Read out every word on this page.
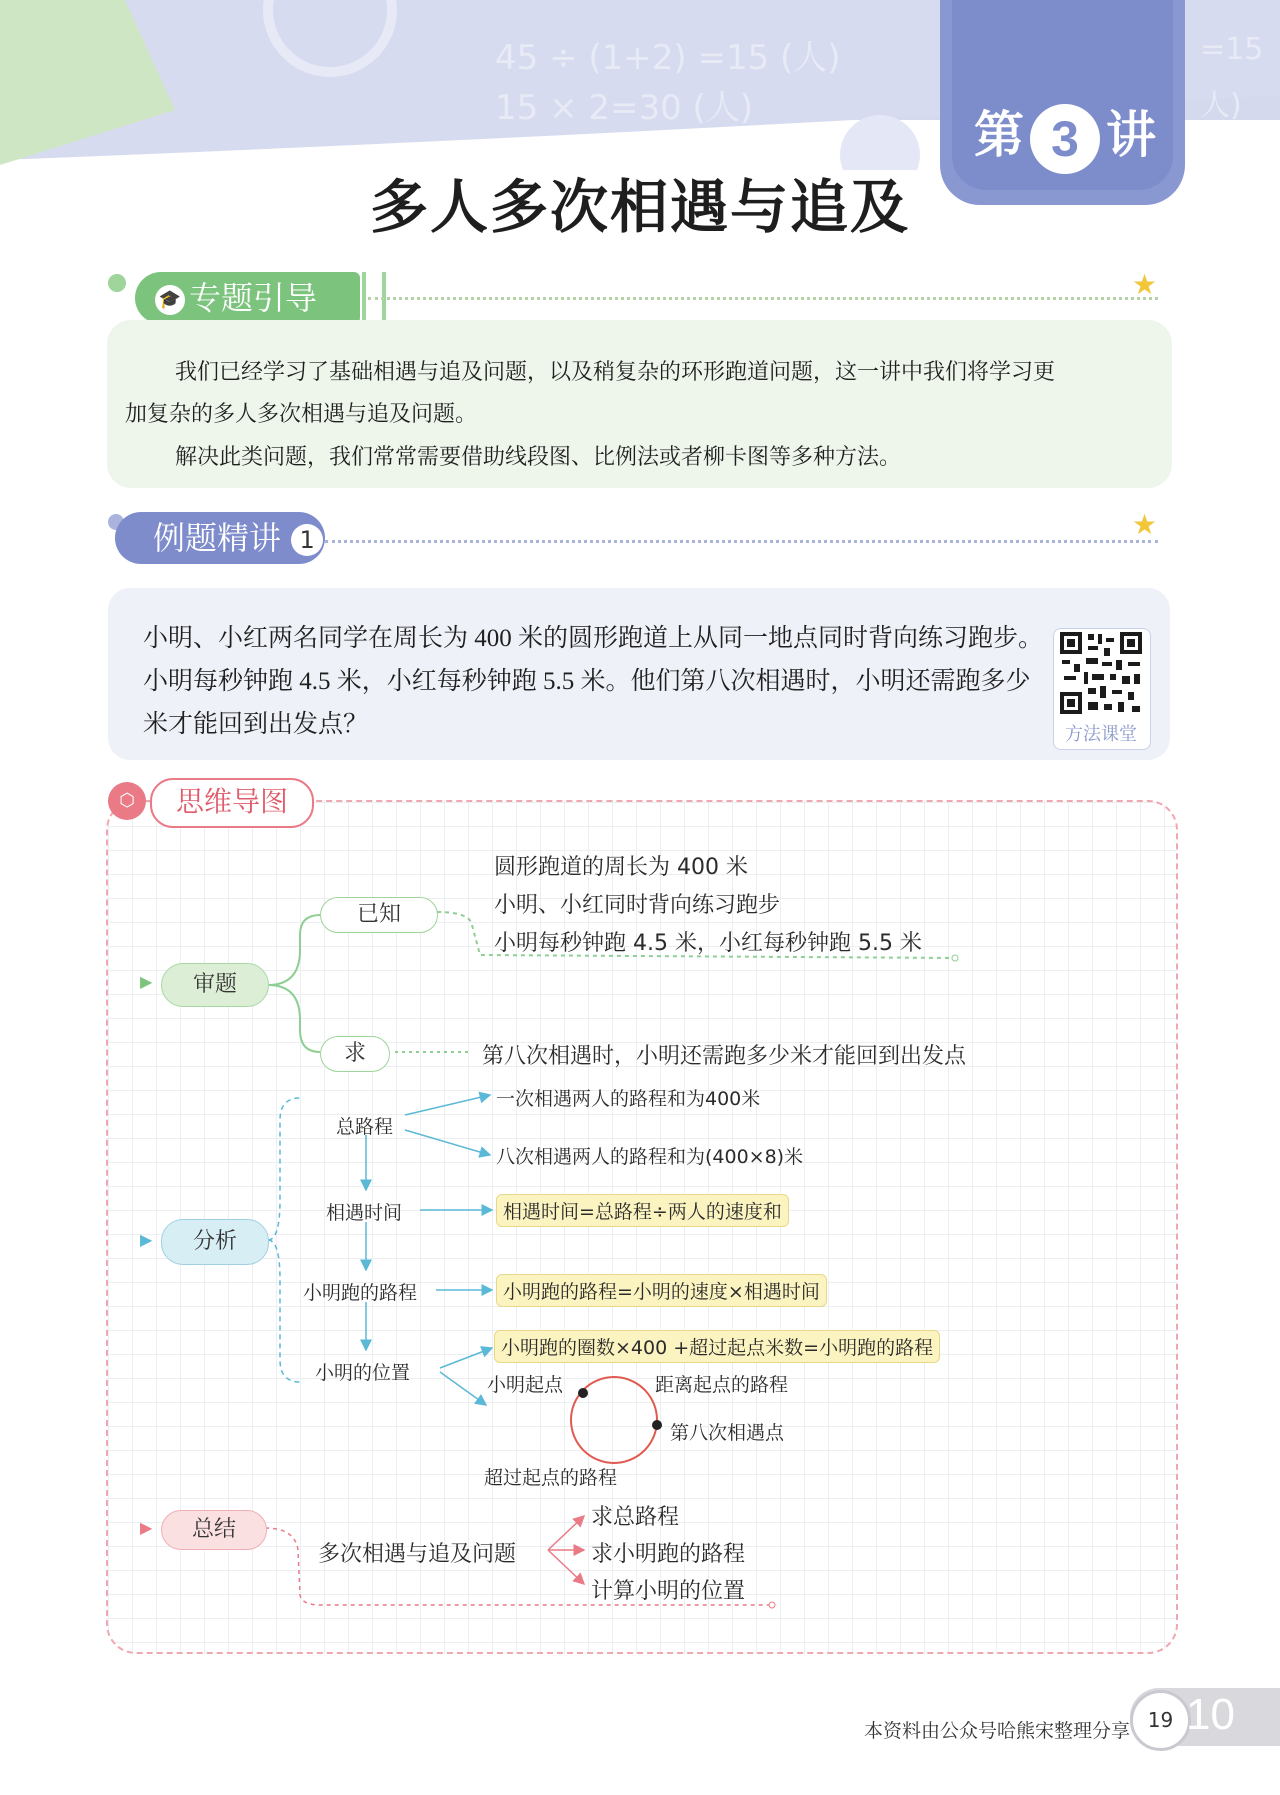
45 ÷ (1+2) =15 (人)
15 × 2=30 (人)
=15
人)
第 3 讲
多人多次相遇与追及
🎓 专题引导	★
我们已经学习了基础相遇与追及问题，以及稍复杂的环形跑道问题，这一讲中我们将学习更
加复杂的多人多次相遇与追及问题。
解决此类问题，我们常常需要借助线段图、比例法或者柳卡图等多种方法。
例题精讲 1	★
小明、小红两名同学在周长为 400 米的圆形跑道上从同一地点同时背向练习跑步。
小明每秒钟跑 4.5 米，小红每秒钟跑 5.5 米。他们第八次相遇时，小明还需跑多少
米才能回到出发点？	方法课堂
⬡	思维导图
▶	审题
已知
求
圆形跑道的周长为 400 米
小明、小红同时背向练习跑步
小明每秒钟跑 4.5 米，小红每秒钟跑 5.5 米
第八次相遇时，小明还需跑多少米才能回到出发点
▶	分析
总路程
一次相遇两人的路程和为400米
八次相遇两人的路程和为(400×8)米
相遇时间	相遇时间=总路程÷两人的速度和
小明跑的路程	小明跑的路程=小明的速度×相遇时间
小明的位置
小明跑的圈数×400 +超过起点米数=小明跑的路程
小明起点	距离起点的路程
第八次相遇点
超过起点的路程
▶	总结
多次相遇与追及问题
求总路程
求小明跑的路程
计算小明的位置
本资料由公众号哈熊宋整理分享 19 10
